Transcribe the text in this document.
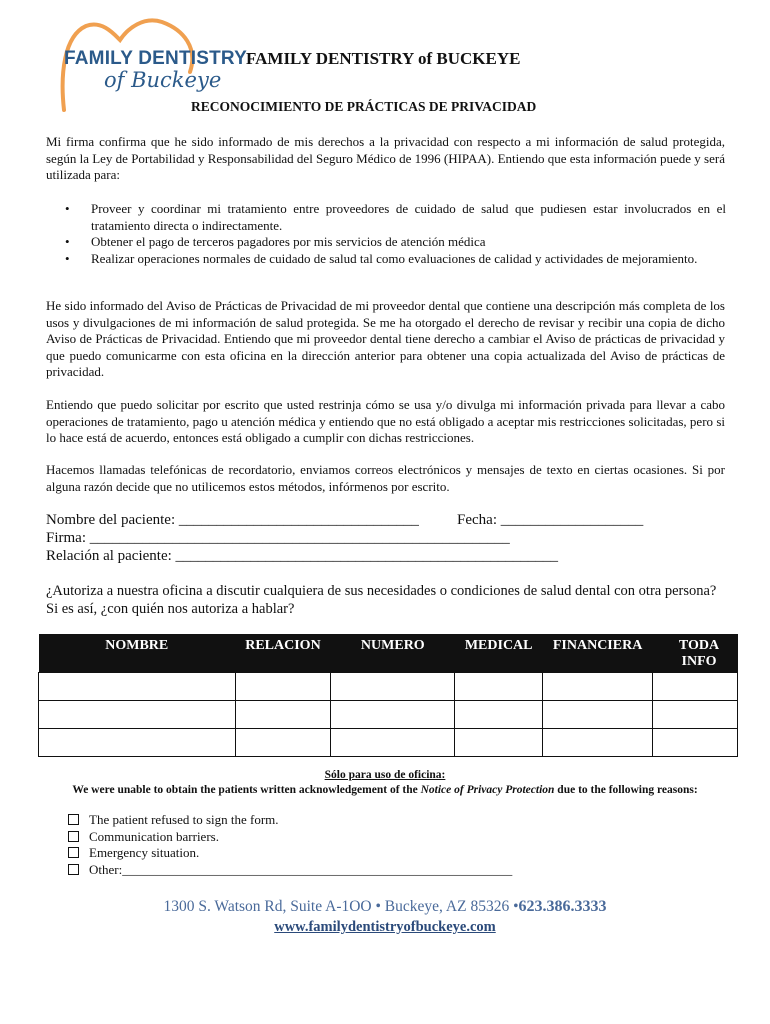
FAMILY DENTISTRY
of Buckeye
FAMILY DENTISTRY of BUCKEYE
RECONOCIMIENTO DE PRÁCTICAS DE PRIVACIDAD

Mi firma confirma que he sido informado de mis derechos a la privacidad con respecto a mi información de salud protegida, según la Ley de Portabilidad y Responsabilidad del Seguro Médico de 1996 (HIPAA). Entiendo que esta información puede y será utilizada para:

• Proveer y coordinar mi tratamiento entre proveedores de cuidado de salud que pudiesen estar involucrados en el tratamiento directa o indirectamente.
• Obtener el pago de terceros pagadores por mis servicios de atención médica
• Realizar operaciones normales de cuidado de salud tal como evaluaciones de calidad y actividades de mejoramiento.

He sido informado del Aviso de Prácticas de Privacidad de mi proveedor dental que contiene una descripción más completa de los usos y divulgaciones de mi información de salud protegida. Se me ha otorgado el derecho de revisar y recibir una copia de dicho Aviso de Prácticas de Privacidad. Entiendo que mi proveedor dental tiene derecho a cambiar el Aviso de prácticas de privacidad y que puedo comunicarme con esta oficina en la dirección anterior para obtener una copia actualizada del Aviso de prácticas de privacidad.

Entiendo que puedo solicitar por escrito que usted restrinja cómo se usa y/o divulga mi información privada para llevar a cabo operaciones de tratamiento, pago u atención médica y entiendo que no está obligado a aceptar mis restricciones solicitadas, pero si lo hace está de acuerdo, entonces está obligado a cumplir con dichas restricciones.

Hacemos llamadas telefónicas de recordatorio, enviamos correos electrónicos y mensajes de texto en ciertas ocasiones. Si por alguna razón decide que no utilicemos estos métodos, infórmenos por escrito.

Nombre del paciente: ________________________________	Fecha: ___________________
Firma: ________________________________________________________
Relación al paciente: ___________________________________________________

¿Autoriza a nuestra oficina a discutir cualquiera de sus necesidades o condiciones de salud dental con otra persona? Si es así, ¿con quién nos autoriza a hablar?

NOMBRE	RELACION	NUMERO	MEDICAL	FINANCIERA	TODA INFO

Sólo para uso de oficina:
We were unable to obtain the patients written acknowledgement of the Notice of Privacy Protection due to the following reasons:
The patient refused to sign the form.
Communication barriers.
Emergency situation.
Other:____________________________________________________________
1300 S. Watson Rd, Suite A-1OO • Buckeye, AZ 85326 •623.386.3333
www.familydentistryofbuckeye.com
